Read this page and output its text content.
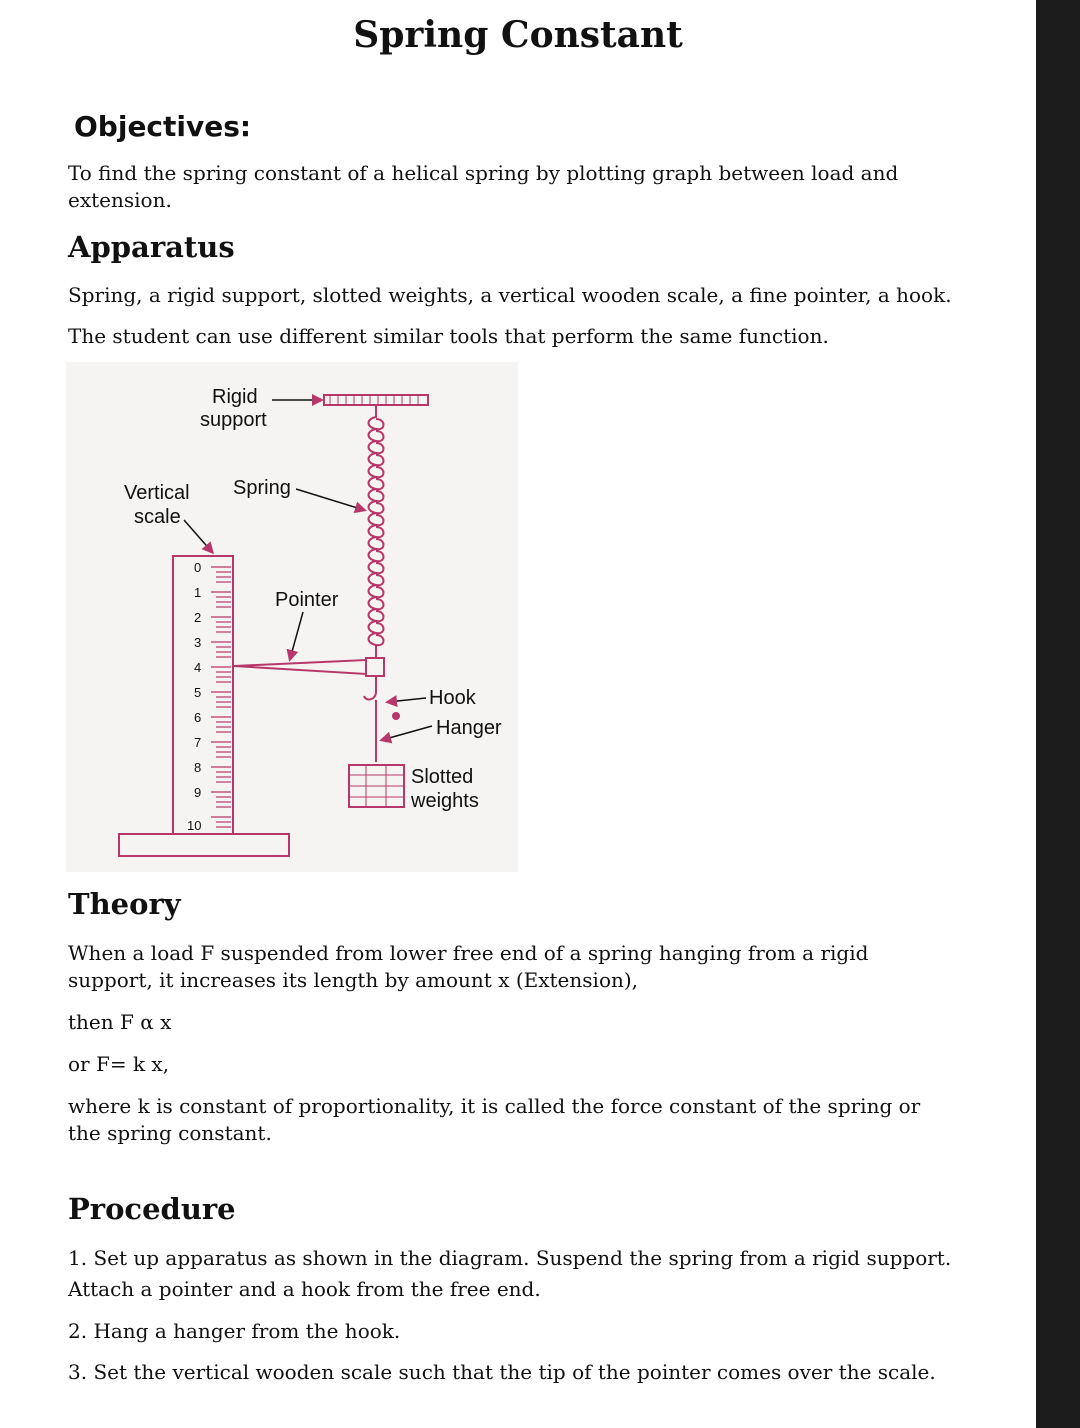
Spring Constant
Objectives:
To find the spring constant of a helical spring by plotting graph between load and extension.
Apparatus
Spring, a rigid support, slotted weights, a vertical wooden scale, a fine pointer, a hook.
The student can use different similar tools that perform the same function.
0
1
2
3
4
5
6
7
8
9
10
Rigid
support
Vertical
scale
Spring
Pointer
Hook
Hanger
Slotted
weights
Theory
When a load F suspended from lower free end of a spring hanging from a rigid support, it increases its length by amount x (Extension),
then F α x
or F= k x,
where k is constant of proportionality, it is called the force constant of the spring or the spring constant.
Procedure
1. Set up apparatus as shown in the diagram. Suspend the spring from a rigid support. Attach a pointer and a hook from the free end.
2. Hang a hanger from the hook.
3. Set the vertical wooden scale such that the tip of the pointer comes over the scale.
